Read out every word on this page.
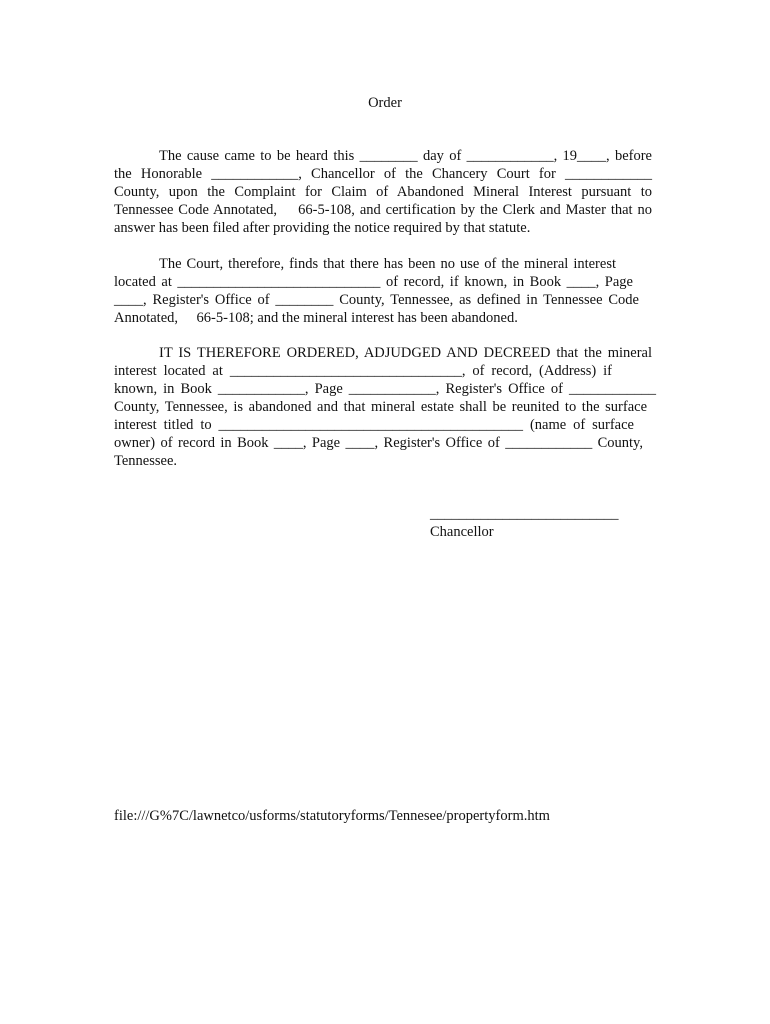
Order
The cause came to be heard this ________ day of ____________, 19____, before
the Honorable ____________, Chancellor of the Chancery Court for ____________
County, upon the Complaint for Claim of Abandoned Mineral Interest pursuant to
Tennessee Code Annotated,   66-5-108, and certification by the Clerk and Master that no
answer has been filed after providing the notice required by that statute.
The Court, therefore, finds that there has been no use of the mineral interest
located at ____________________________ of record, if known, in Book ____, Page
____, Register's Office of ________ County, Tennessee, as defined in Tennessee Code
Annotated,   66-5-108; and the mineral interest has been abandoned.
IT IS THEREFORE ORDERED, ADJUDGED AND DECREED that the mineral
interest located at ________________________________, of record, (Address) if
known, in Book ____________, Page ____________, Register's Office of ____________
County, Tennessee, is abandoned and that mineral estate shall be reunited to the surface
interest titled to __________________________________________ (name of surface
owner) of record in Book ____, Page ____, Register's Office of ____________ County,
Tennessee.
__________________________
Chancellor
file:///G%7C/lawnetco/usforms/statutoryforms/Tennesee/propertyform.htm
